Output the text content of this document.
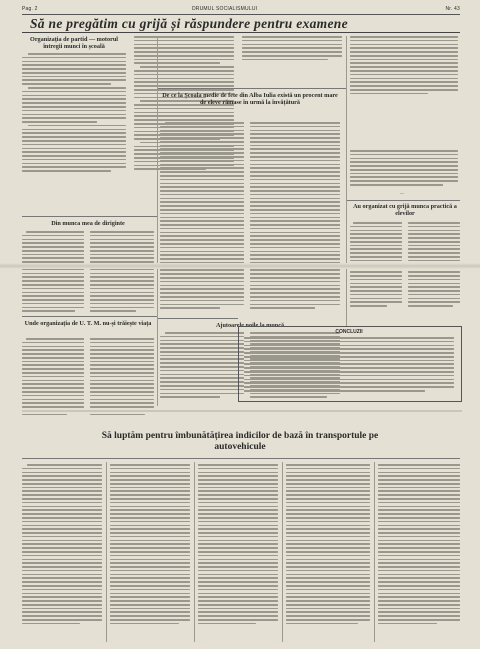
Pag. 2	DRUMUL SOCIALISMULUI	Nr. 43
Să ne pregătim cu grijă și răspundere pentru examene
Organizația de partid — motorul întregii munci în școală
De ce la Școala medie de fete din Alba Iulia există un procent mare de eleve rămase în urmă la învățătură
Din munca mea de diriginte
Unde organizația de U. T. M. nu-și trăiește viața	Ajutoarele noile la muncă
—
Au organizat cu grijă munca practică a elevilor
CONCLUZII
Să luptăm pentru îmbunătățirea indicilor de bază în transportule pe autovehicule
